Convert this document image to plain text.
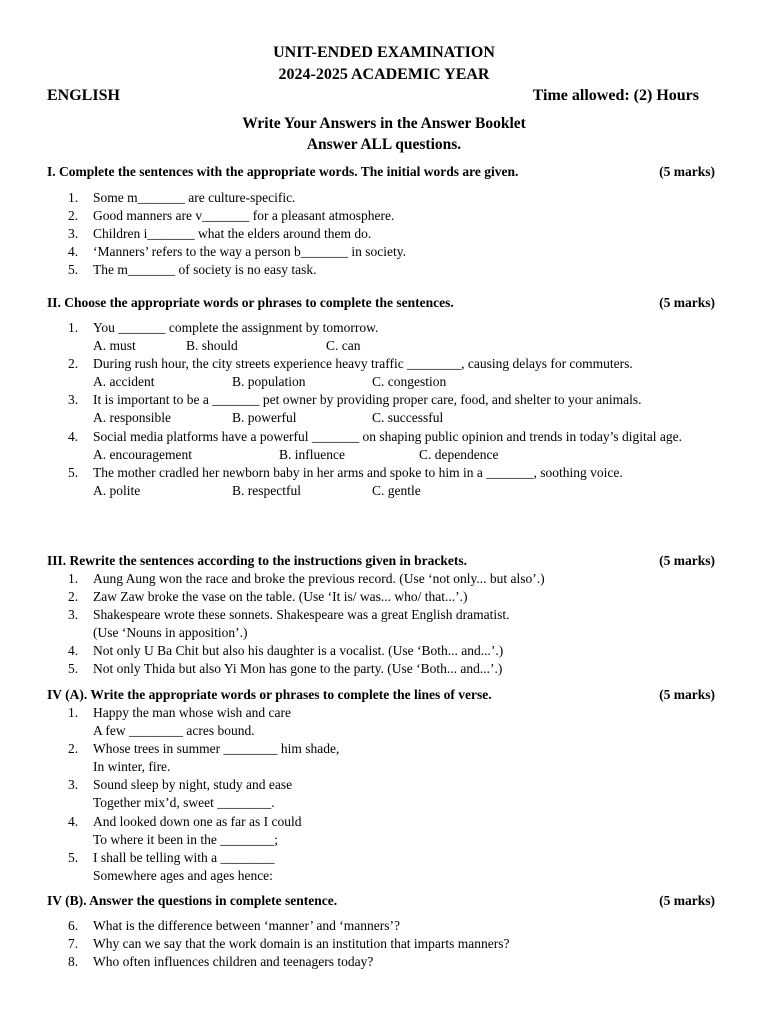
UNIT-ENDED EXAMINATION
2024-2025 ACADEMIC YEAR
ENGLISH	Time allowed: (2) Hours
Write Your Answers in the Answer Booklet
Answer ALL questions.
I. Complete the sentences with the appropriate words. The initial words are given.	(5 marks)
1. Some m_______ are culture-specific.
2. Good manners are v_______ for a pleasant atmosphere.
3. Children i_______ what the elders around them do.
4. ‘Manners’ refers to the way a person b_______ in society.
5. The m_______ of society is no easy task.
II. Choose the appropriate words or phrases to complete the sentences.	(5 marks)
1. You _______ complete the assignment by tomorrow.
A. must	B. should	C. can
2. During rush hour, the city streets experience heavy traffic ________, causing delays for commuters.
A. accident	B. population	C. congestion
3. It is important to be a _______ pet owner by providing proper care, food, and shelter to your animals.
A. responsible	B. powerful	C. successful
4. Social media platforms have a powerful _______ on shaping public opinion and trends in today’s digital age.
A. encouragement	B. influence	C. dependence
5. The mother cradled her newborn baby in her arms and spoke to him in a _______, soothing voice.
A. polite	B. respectful	C. gentle
III. Rewrite the sentences according to the instructions given in brackets.	(5 marks)
1. Aung Aung won the race and broke the previous record. (Use ‘not only... but also’.)
2. Zaw Zaw broke the vase on the table. (Use ‘It is/ was... who/ that...’.)
3. Shakespeare wrote these sonnets. Shakespeare was a great English dramatist.
(Use ‘Nouns in apposition’.)
4. Not only U Ba Chit but also his daughter is a vocalist. (Use ‘Both... and...’.)
5. Not only Thida but also Yi Mon has gone to the party. (Use ‘Both... and...’.)
IV (A). Write the appropriate words or phrases to complete the lines of verse.	(5 marks)
1. Happy the man whose wish and care
A few ________ acres bound.
2. Whose trees in summer ________ him shade,
In winter, fire.
3. Sound sleep by night, study and ease
Together mix’d, sweet ________.
4. And looked down one as far as I could
To where it been in the ________;
5. I shall be telling with a ________
Somewhere ages and ages hence:
IV (B). Answer the questions in complete sentence.	(5 marks)
6. What is the difference between ‘manner’ and ‘manners’?
7. Why can we say that the work domain is an institution that imparts manners?
8. Who often influences children and teenagers today?
